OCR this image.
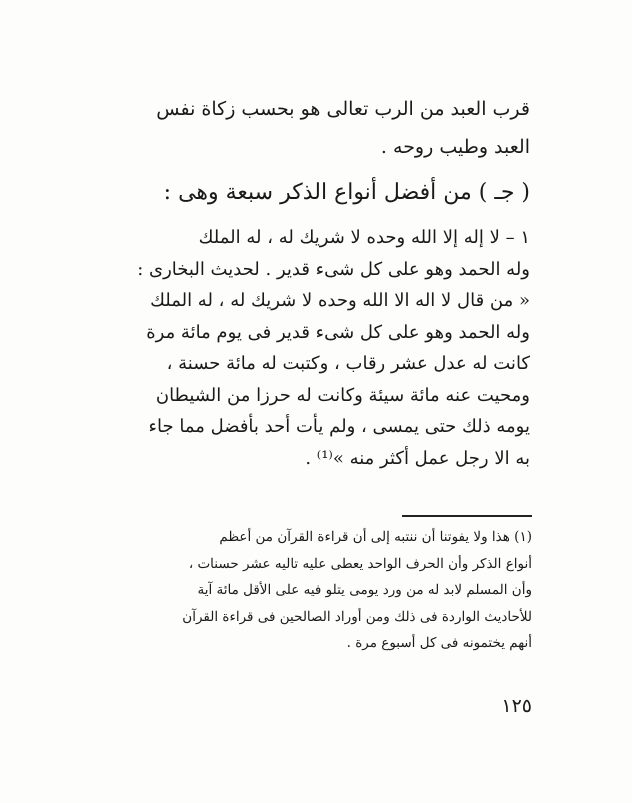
قرب العبد من الرب تعالى هو بحسب زكاة نفس
العبد وطيب روحه .
( جـ ) من أفضل أنواع الذكر سبعة وهى :
١ – لا إله إلا الله وحده لا شريك له ، له الملك
وله الحمد وهو على كل شىء قدير . لحديث البخارى :
« من قال لا اله الا الله وحده لا شريك له ، له الملك
وله الحمد وهو على كل شىء قدير فى يوم مائة مرة
كانت له عدل عشر رقاب ، وكتبت له مائة حسنة ،
ومحيت عنه مائة سيئة وكانت له حرزا من الشيطان
يومه ذلك حتى يمسى ، ولم يأت أحد بأفضل مما جاء
به الا رجل عمل أكثر منه »⁽¹⁾ .
(١) هذا ولا يفوتنا أن ننتبه إلى أن قراءة القرآن من أعظم
أنواع الذكر وأن الحرف الواحد يعطى عليه تاليه عشر حسنات ،
وأن المسلم لابد له من ورد يومى يتلو فيه على الأقل مائة آية
للأحاديث الواردة فى ذلك ومن أوراد الصالحين فى قراءة القرآن
أنهم يختمونه فى كل أسبوع مرة .
١٢٥
